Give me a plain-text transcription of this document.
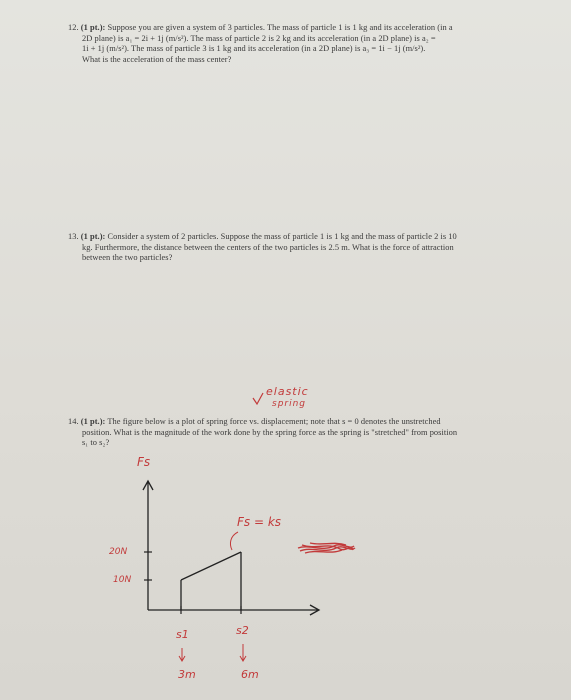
12. (1 pt.): Suppose you are given a system of 3 particles. The mass of particle 1 is 1 kg and its acceleration (in a
2D plane) is a₁ = 2i + 1j (m/s²). The mass of particle 2 is 2 kg and its acceleration (in a 2D plane) is a₂ =
1i + 1j (m/s²). The mass of particle 3 is 1 kg and its acceleration (in a 2D plane) is a₃ = 1i − 1j (m/s²).
What is the acceleration of the mass center?
13. (1 pt.): Consider a system of 2 particles. Suppose the mass of particle 1 is 1 kg and the mass of particle 2 is 10
kg. Furthermore, the distance between the centers of the two particles is 2.5 m. What is the force of attraction
between the two particles?
14. (1 pt.): The figure below is a plot of spring force vs. displacement; note that s = 0 denotes the unstretched
position. What is the magnitude of the work done by the spring force as the spring is "stretched" from position
s₁ to s₂?
elastic
spring
Fs
Fs = ks
20N
10N
s1	s2
3m	6m
